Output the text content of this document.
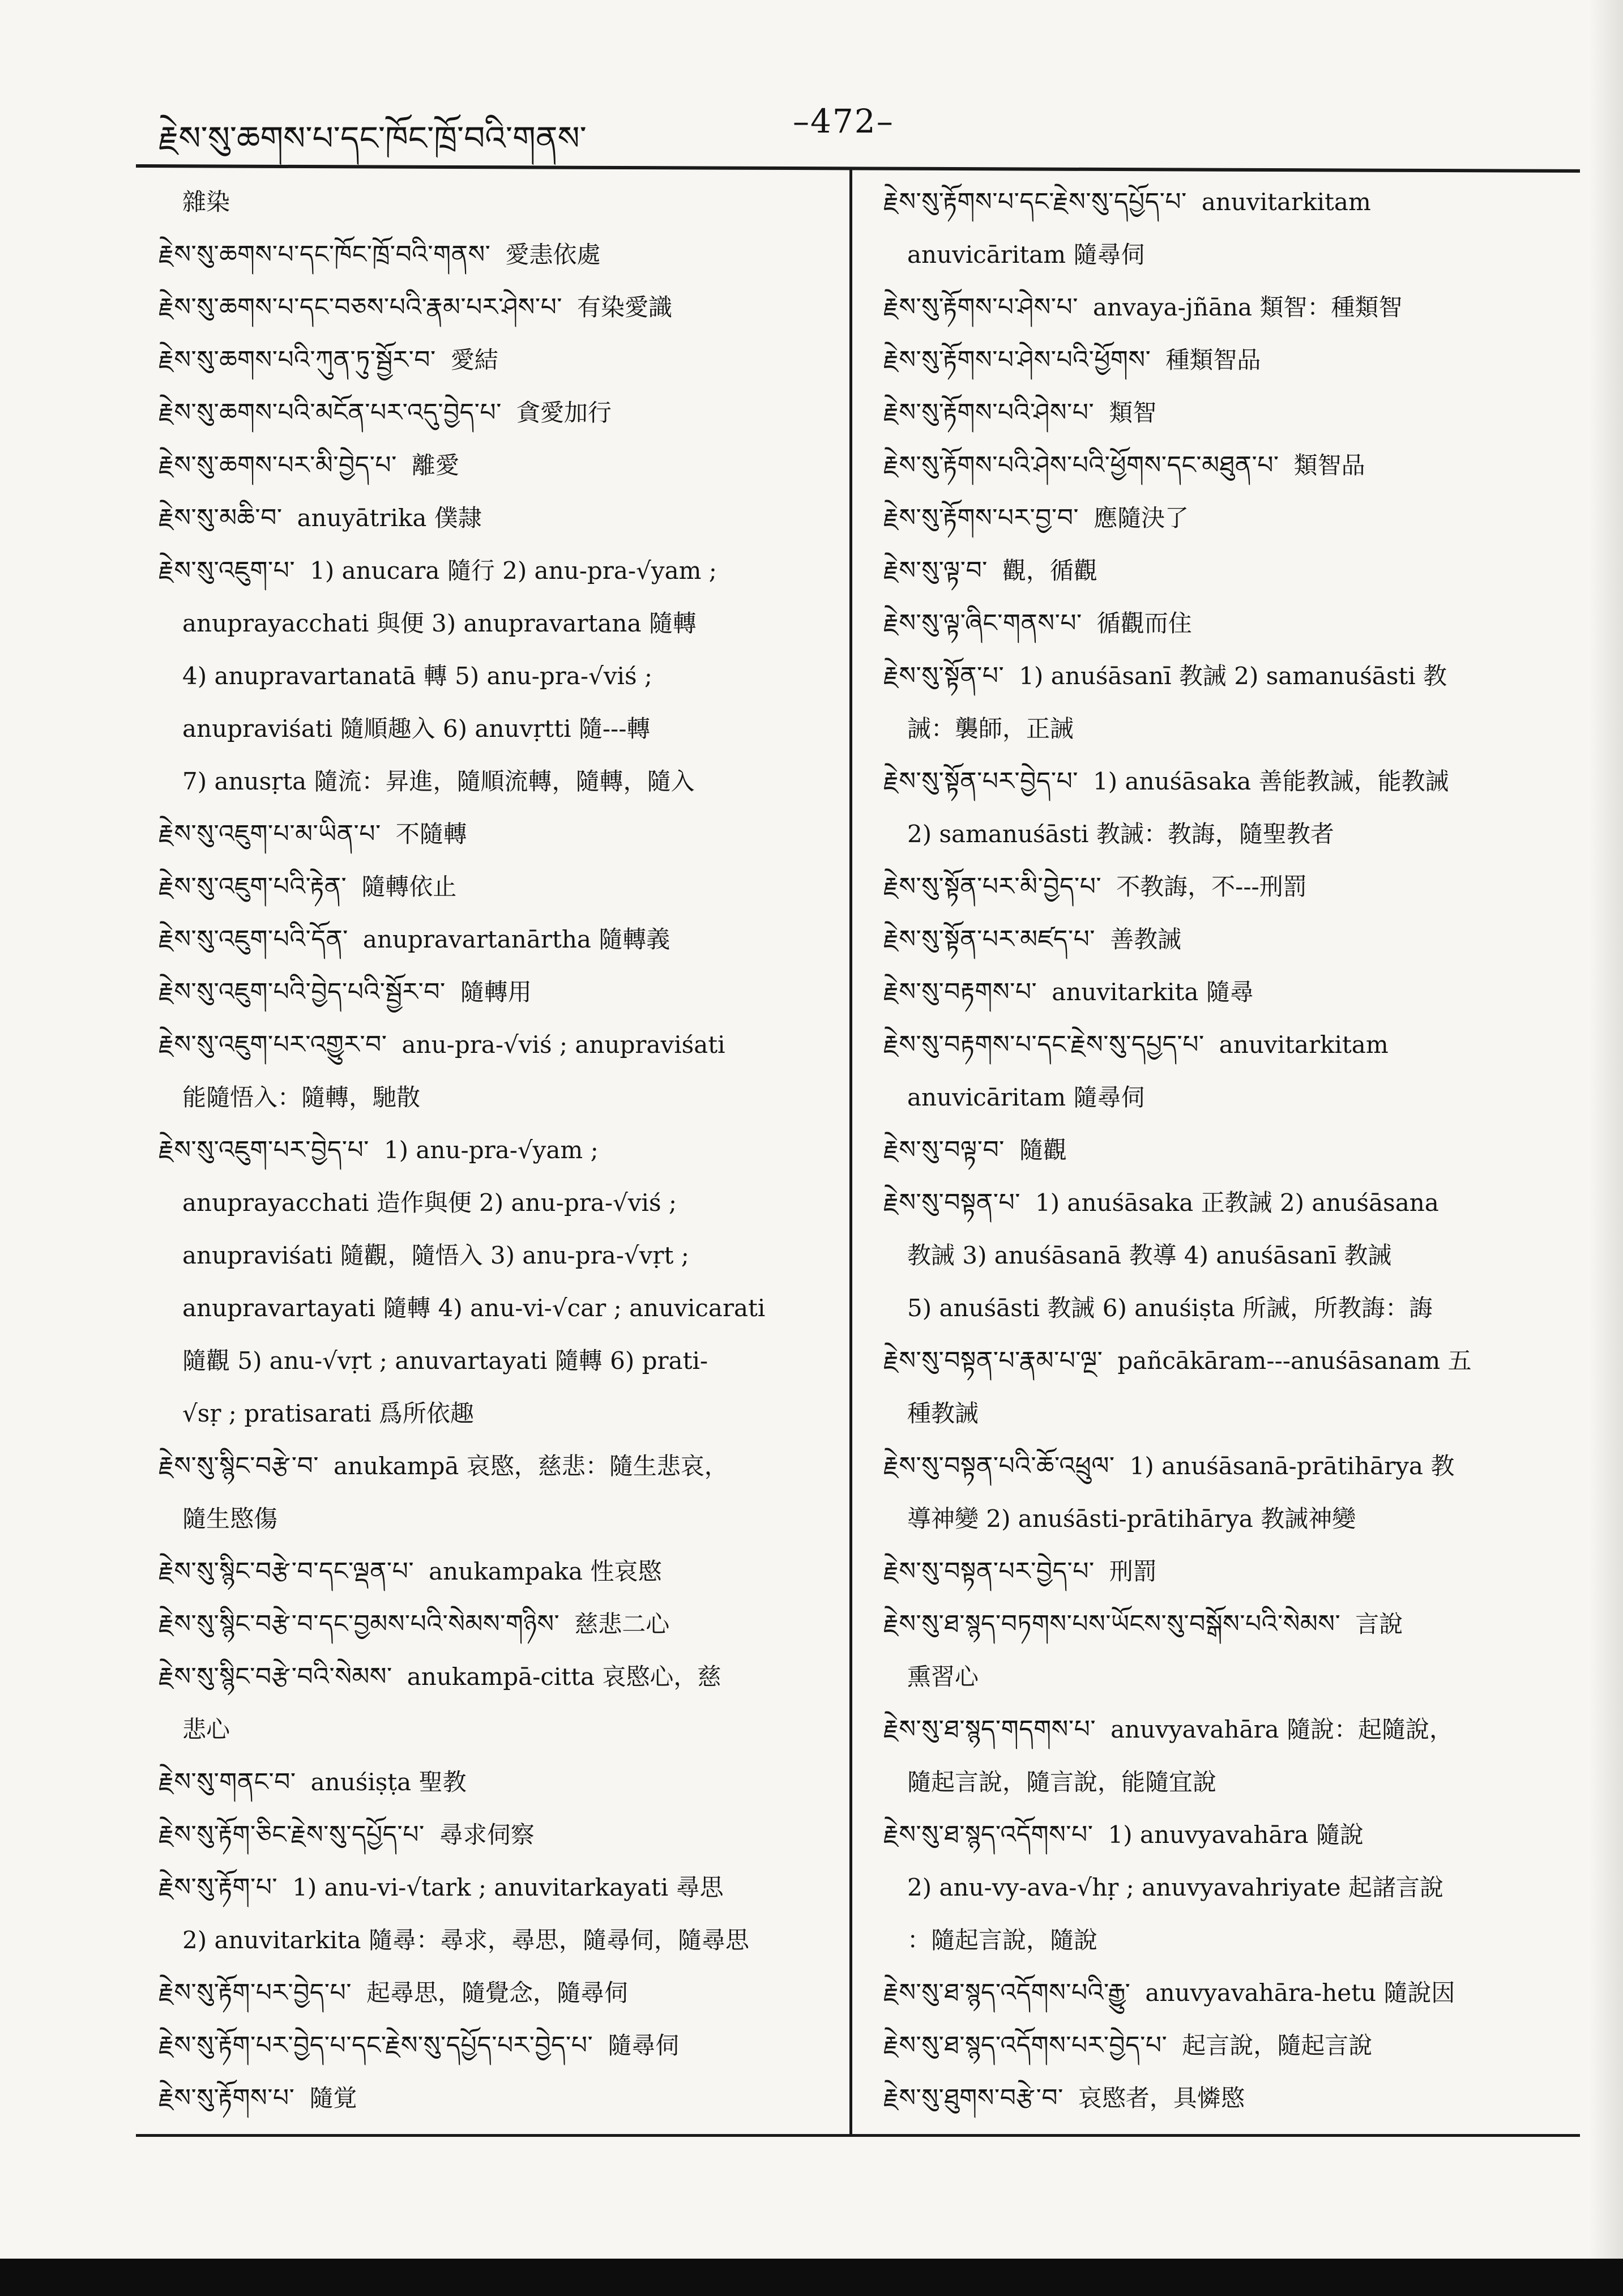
རྗེས་སུ་ཆགས་པ་དང་ཁོང་ཁྲོ་བའི་གནས་	–472–
雜染
རྗེས་སུ་ཆགས་པ་དང་ཁོང་ཁྲོ་བའི་གནས་ 愛恚依處
རྗེས་སུ་ཆགས་པ་དང་བཅས་པའི་རྣམ་པར་ཤེས་པ་ 有染愛識
རྗེས་སུ་ཆགས་པའི་ཀུན་ཏུ་སྦྱོར་བ་ 愛結
རྗེས་སུ་ཆགས་པའི་མངོན་པར་འདུ་བྱེད་པ་ 貪愛加行
རྗེས་སུ་ཆགས་པར་མི་བྱེད་པ་ 離愛
རྗེས་སུ་མཆི་བ་ anuyātrika 僕隷
རྗེས་སུ་འཇུག་པ་ 1) anucara 隨行 2) anu-pra-√yam ;
anuprayacchati 與便 3) anupravartana 隨轉
4) anupravartanatā 轉 5) anu-pra-√viś ;
anupraviśati 隨順趣入 6) anuvṛtti 隨---轉
7) anusṛta 隨流：昇進，隨順流轉，隨轉，隨入
རྗེས་སུ་འཇུག་པ་མ་ཡིན་པ་ 不隨轉
རྗེས་སུ་འཇུག་པའི་རྟེན་ 隨轉依止
རྗེས་སུ་འཇུག་པའི་དོན་ anupravartanārtha 隨轉義
རྗེས་སུ་འཇུག་པའི་བྱེད་པའི་སྦྱོར་བ་ 隨轉用
རྗེས་སུ་འཇུག་པར་འགྱུར་བ་ anu-pra-√viś ; anupraviśati
能隨悟入：隨轉，馳散
རྗེས་སུ་འཇུག་པར་བྱེད་པ་ 1) anu-pra-√yam ;
anuprayacchati 造作與便 2) anu-pra-√viś ;
anupraviśati 隨觀，隨悟入 3) anu-pra-√vṛt ;
anupravartayati 隨轉 4) anu-vi-√car ; anuvicarati
隨觀 5) anu-√vṛt ; anuvartayati 隨轉 6) prati-
√sṛ ; pratisarati 爲所依趣
རྗེས་སུ་སྙིང་བརྩེ་བ་ anukampā 哀愍，慈悲：隨生悲哀，
隨生愍傷
རྗེས་སུ་སྙིང་བརྩེ་བ་དང་ལྡན་པ་ anukampaka 性哀愍
རྗེས་སུ་སྙིང་བརྩེ་བ་དང་བྱམས་པའི་སེམས་གཉིས་ 慈悲二心
རྗེས་སུ་སྙིང་བརྩེ་བའི་སེམས་ anukampā-citta 哀愍心，慈
悲心
རྗེས་སུ་གནང་བ་ anuśiṣṭa 聖教
རྗེས་སུ་རྟོག་ཅིང་རྗེས་སུ་དཔྱོད་པ་ 尋求伺察
རྗེས་སུ་རྟོག་པ་ 1) anu-vi-√tark ; anuvitarkayati 尋思
2) anuvitarkita 隨尋：尋求，尋思，隨尋伺，隨尋思
རྗེས་སུ་རྟོག་པར་བྱེད་པ་ 起尋思，隨覺念，隨尋伺
རྗེས་སུ་རྟོག་པར་བྱེད་པ་དང་རྗེས་སུ་དཔྱོད་པར་བྱེད་པ་ 隨尋伺
རྗེས་སུ་རྟོགས་པ་ 隨覚
རྗེས་སུ་རྟོགས་པ་དང་རྗེས་སུ་དཔྱོད་པ་ anuvitarkitam
anuvicāritam 隨尋伺
རྗེས་སུ་རྟོགས་པ་ཤེས་པ་ anvaya-jñāna 類智：種類智
རྗེས་སུ་རྟོགས་པ་ཤེས་པའི་ཕྱོགས་ 種類智品
རྗེས་སུ་རྟོགས་པའི་ཤེས་པ་ 類智
རྗེས་སུ་རྟོགས་པའི་ཤེས་པའི་ཕྱོགས་དང་མཐུན་པ་ 類智品
རྗེས་སུ་རྟོགས་པར་བྱ་བ་ 應隨決了
རྗེས་སུ་ལྟ་བ་ 觀，循觀
རྗེས་སུ་ལྟ་ཞིང་གནས་པ་ 循觀而住
རྗེས་སུ་སྟོན་པ་ 1) anuśāsanī 教誡 2) samanuśāsti 教
誡：襲師，正誡
རྗེས་སུ་སྟོན་པར་བྱེད་པ་ 1) anuśāsaka 善能教誡，能教誡
2) samanuśāsti 教誡：教誨，隨聖教者
རྗེས་སུ་སྟོན་པར་མི་བྱེད་པ་ 不教誨，不---刑罰
རྗེས་སུ་སྟོན་པར་མཛད་པ་ 善教誡
རྗེས་སུ་བརྟགས་པ་ anuvitarkita 隨尋
རྗེས་སུ་བརྟགས་པ་དང་རྗེས་སུ་དཔྱད་པ་ anuvitarkitam
anuvicāritam 隨尋伺
རྗེས་སུ་བལྟ་བ་ 隨觀
རྗེས་སུ་བསྟན་པ་ 1) anuśāsaka 正教誡 2) anuśāsana
教誡 3) anuśāsanā 教導 4) anuśāsanī 教誡
5) anuśāsti 教誡 6) anuśiṣta 所誡，所教誨：誨
རྗེས་སུ་བསྟན་པ་རྣམ་པ་ལྔ་ pañcākāram---anuśāsanam 五
種教誡
རྗེས་སུ་བསྟན་པའི་ཆོ་འཕྲུལ་ 1) anuśāsanā-prātihārya 教
導神變 2) anuśāsti-prātihārya 教誡神變
རྗེས་སུ་བསྟན་པར་བྱེད་པ་ 刑罰
རྗེས་སུ་ཐ་སྙད་བཏགས་པས་ཡོངས་སུ་བསྒོས་པའི་སེམས་ 言說
熏習心
རྗེས་སུ་ཐ་སྙད་གདགས་པ་ anuvyavahāra 隨說：起隨說，
隨起言說，隨言說，能隨宜說
རྗེས་སུ་ཐ་སྙད་འདོགས་པ་ 1) anuvyavahāra 隨說
2) anu-vy-ava-√hṛ ; anuvyavahriyate 起諸言說
：隨起言說，隨說
རྗེས་སུ་ཐ་སྙད་འདོགས་པའི་རྒྱུ་ anuvyavahāra-hetu 隨說因
རྗེས་སུ་ཐ་སྙད་འདོགས་པར་བྱེད་པ་ 起言說，隨起言說
རྗེས་སུ་ཐུགས་བརྩེ་བ་ 哀愍者，具憐愍
